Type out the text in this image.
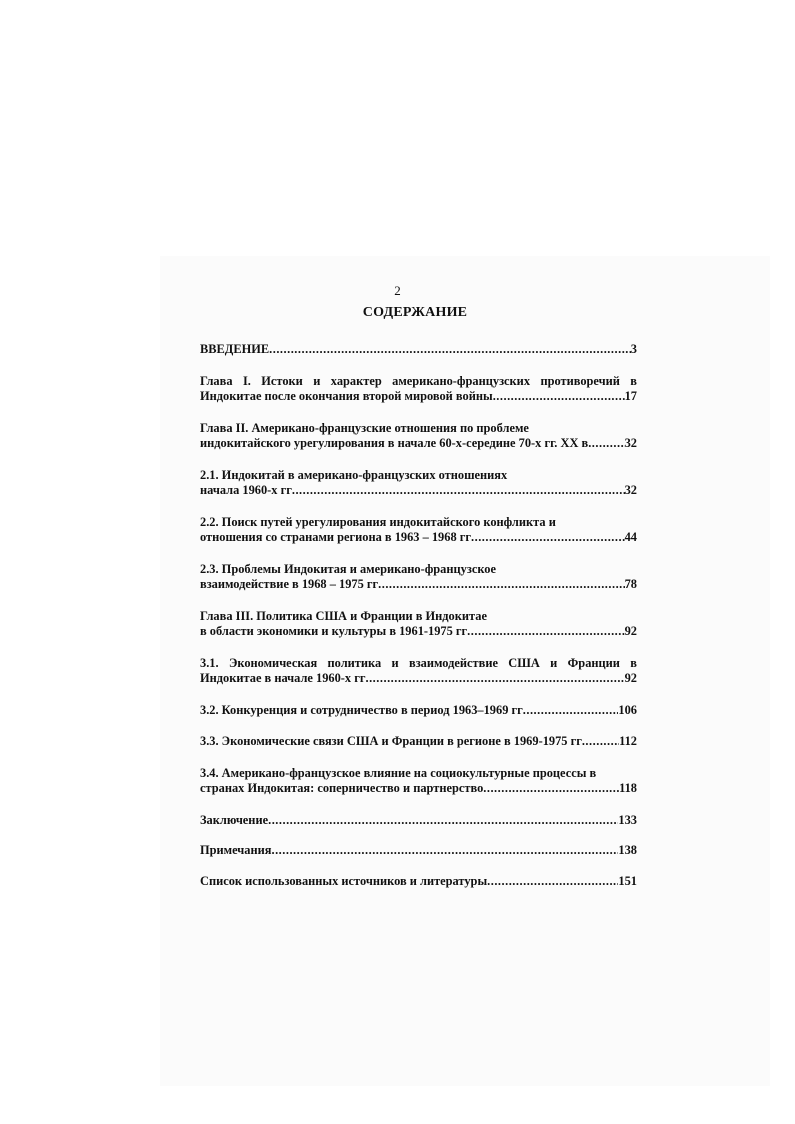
2
СОДЕРЖАНИЕ
ВВЕДЕНИЕ .....	3
Глава I. Истоки и характер американо-французских противоречий в
Индокитае после окончания второй мировой войны .....	17
Глава II. Американо-французские отношения по проблеме
индокитайского урегулирования в начале 60-х-середине 70-х гг. XX в .....	32
2.1. Индокитай в американо-французских отношениях
начала 1960-х гг .....	32
2.2. Поиск путей урегулирования индокитайского конфликта и
отношения со странами региона в 1963 – 1968 гг .....	44
2.3. Проблемы Индокитая и американо-французское
взаимодействие в 1968 – 1975 гг .....	78
Глава III. Политика США и Франции в Индокитае
в области экономики и культуры в 1961-1975 гг .....	92
3.1. Экономическая политика и взаимодействие США и Франции в
Индокитае в начале 1960-х гг .....	92
3.2. Конкуренция и сотрудничество в период 1963–1969 гг .....	106
3.3. Экономические связи США и Франции в регионе в 1969-1975 гг .....	112
3.4. Американо-французское влияние на социокультурные процессы в
странах Индокитая: соперничество и партнерство .....	118
Заключение .....	133
Примечания .....	138
Список использованных источников и литературы .....	151
